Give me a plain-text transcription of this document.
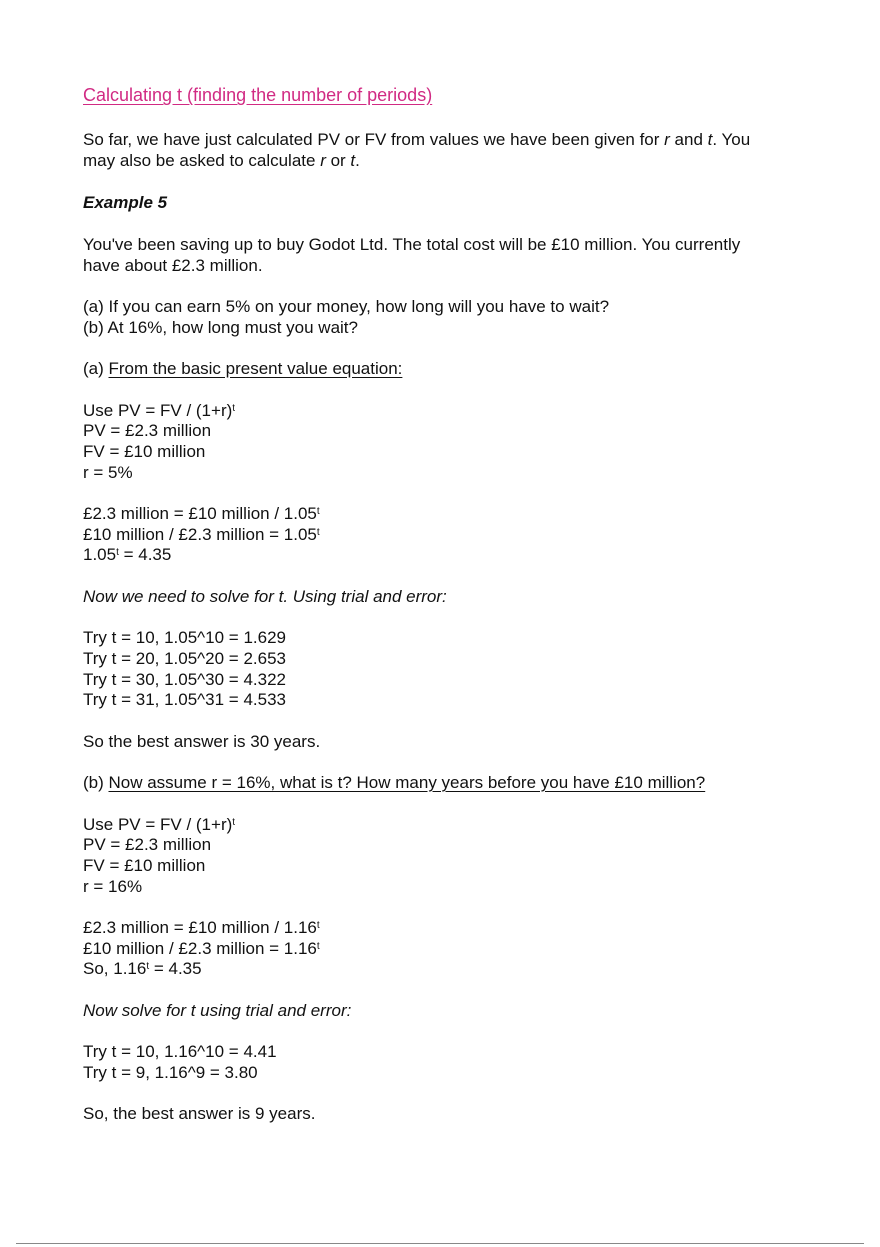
Calculating t (finding the number of periods)
So far, we have just calculated PV or FV from values we have been given for r and t. You
may also be asked to calculate r or t.
Example 5
You've been saving up to buy Godot Ltd. The total cost will be £10 million. You currently
have about £2.3 million.
(a) If you can earn 5% on your money, how long will you have to wait?
(b) At 16%, how long must you wait?
(a) From the basic present value equation:
Use PV = FV / $(1+r)^t$
PV = £2.3 million
FV = £10 million
r = 5%
£2.3 million = £10 million / 1.05$^t$
£10 million / £2.3 million = $1.05^t$
$1.05^t = 4.35$
Now we need to solve for t. Using trial and error:
Try t = 10, 1.05^10 = 1.629
Try t = 20, 1.05^20 = 2.653
Try t = 30, 1.05^30 = 4.322
Try t = 31, 1.05^31 = 4.533
So the best answer is 30 years.
(b) Now assume r = 16%, what is t? How many years before you have £10 million?
Use PV = FV / $(1+r)^t$
PV = £2.3 million
FV = £10 million
r = 16%
£2.3 million = £10 million / 1.16$^t$
£10 million / £2.3 million = $1.16^t$
So, $1.16^t = 4.35$
Now solve for t using trial and error:
Try t = 10, 1.16^10 = 4.41
Try t = 9, 1.16^9 = 3.80
So, the best answer is 9 years.
